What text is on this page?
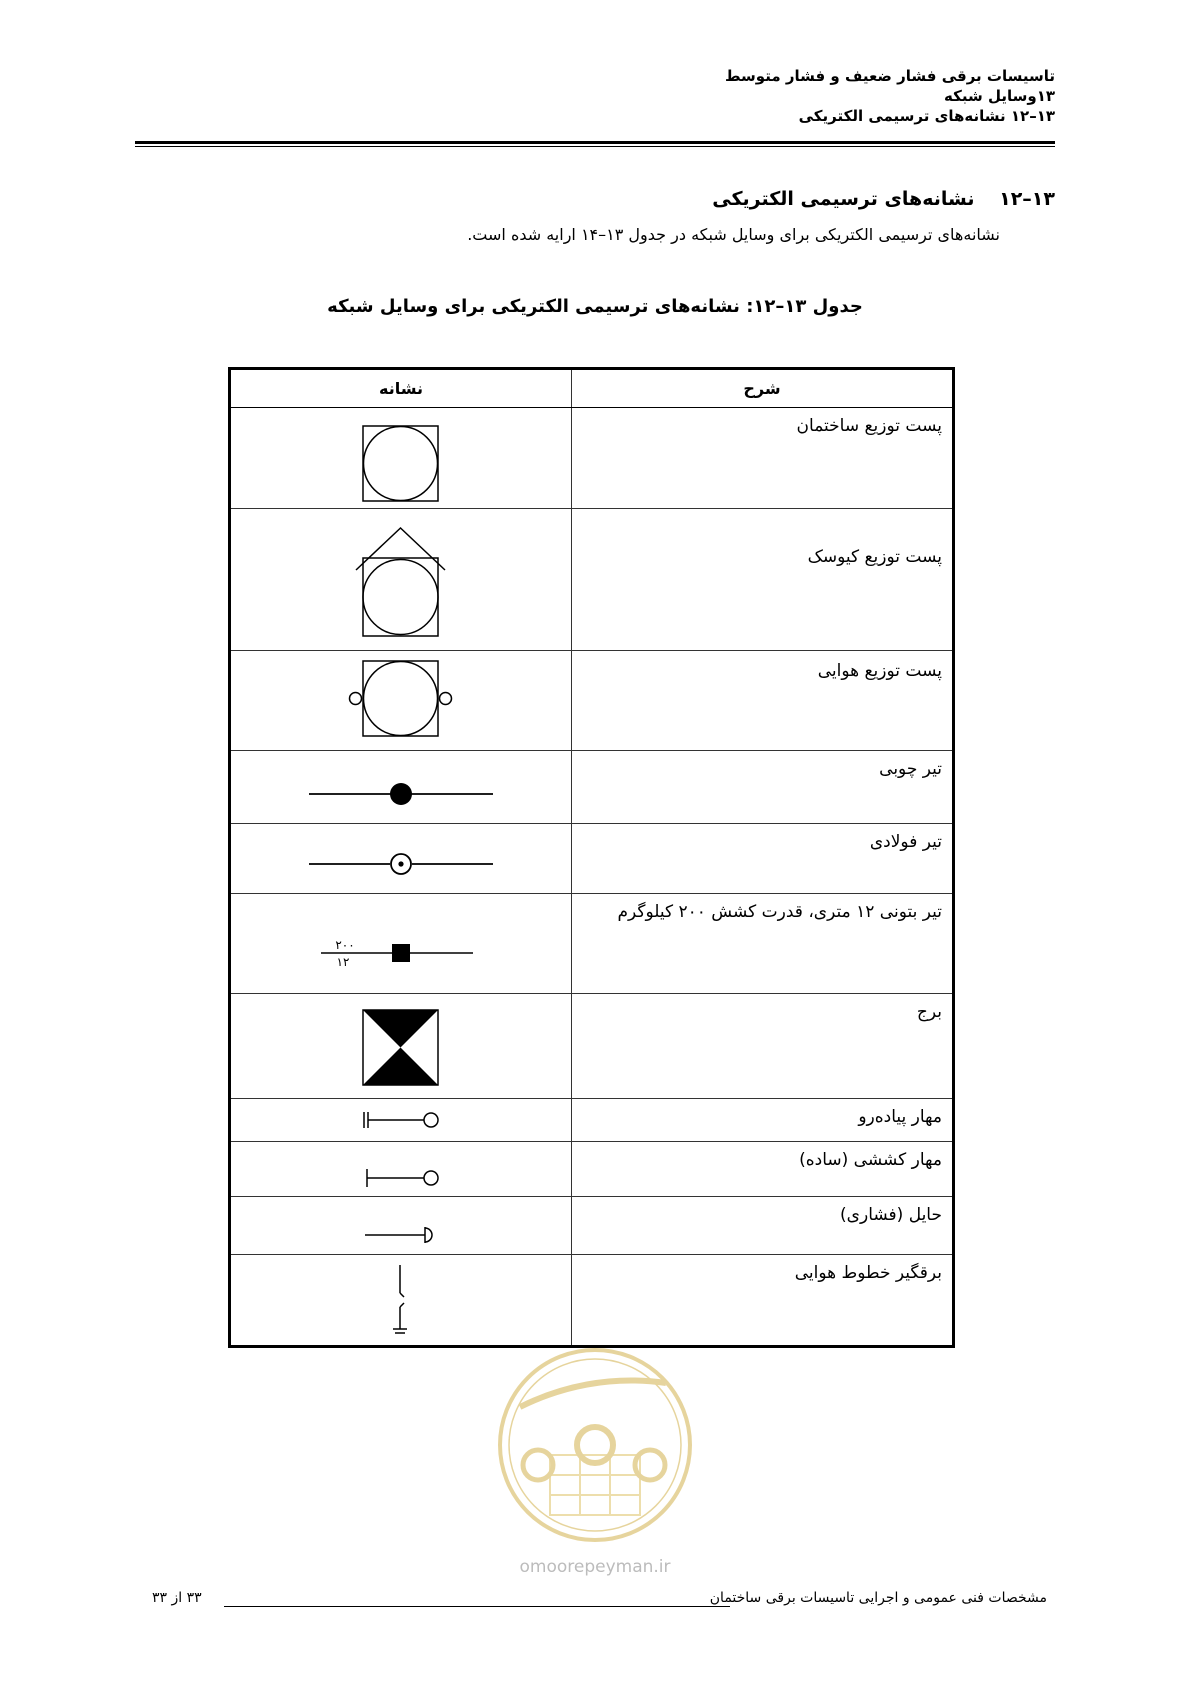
تاسیسات برقی فشار ضعیف و فشار متوسط
۱۳وسایل شبکه
۱۳–۱۲ نشانه‌های ترسیمی الکتریکی
۱۳–۱۲ نشانه‌های ترسیمی الکتریکی
نشانه‌های ترسیمی الکتریکی برای وسایل شبکه در جدول ۱۳–۱۴ ارایه شده است.
جدول ۱۳–۱۲: نشانه‌های ترسیمی الکتریکی برای وسایل شبکه
نشانه	شرح

	پست توزیع ساختمان

	پست توزیع کیوسک

	پست توزیع هوایی

	تیر چوبی

	تیر فولادی

۲۰۰
۱۲	تیر بتونی ۱۲ متری، قدرت کشش ۲۰۰ کیلوگرم

	برج

	مهار پیاده‌رو

	مهار کششی (ساده)

	حایل (فشاری)

	برقگیر خطوط هوایی
omoorepeyman.ir
مشخصات فنی عمومی و اجرایی تاسیسات برقی ساختمان
۳۳ از ۳۳
